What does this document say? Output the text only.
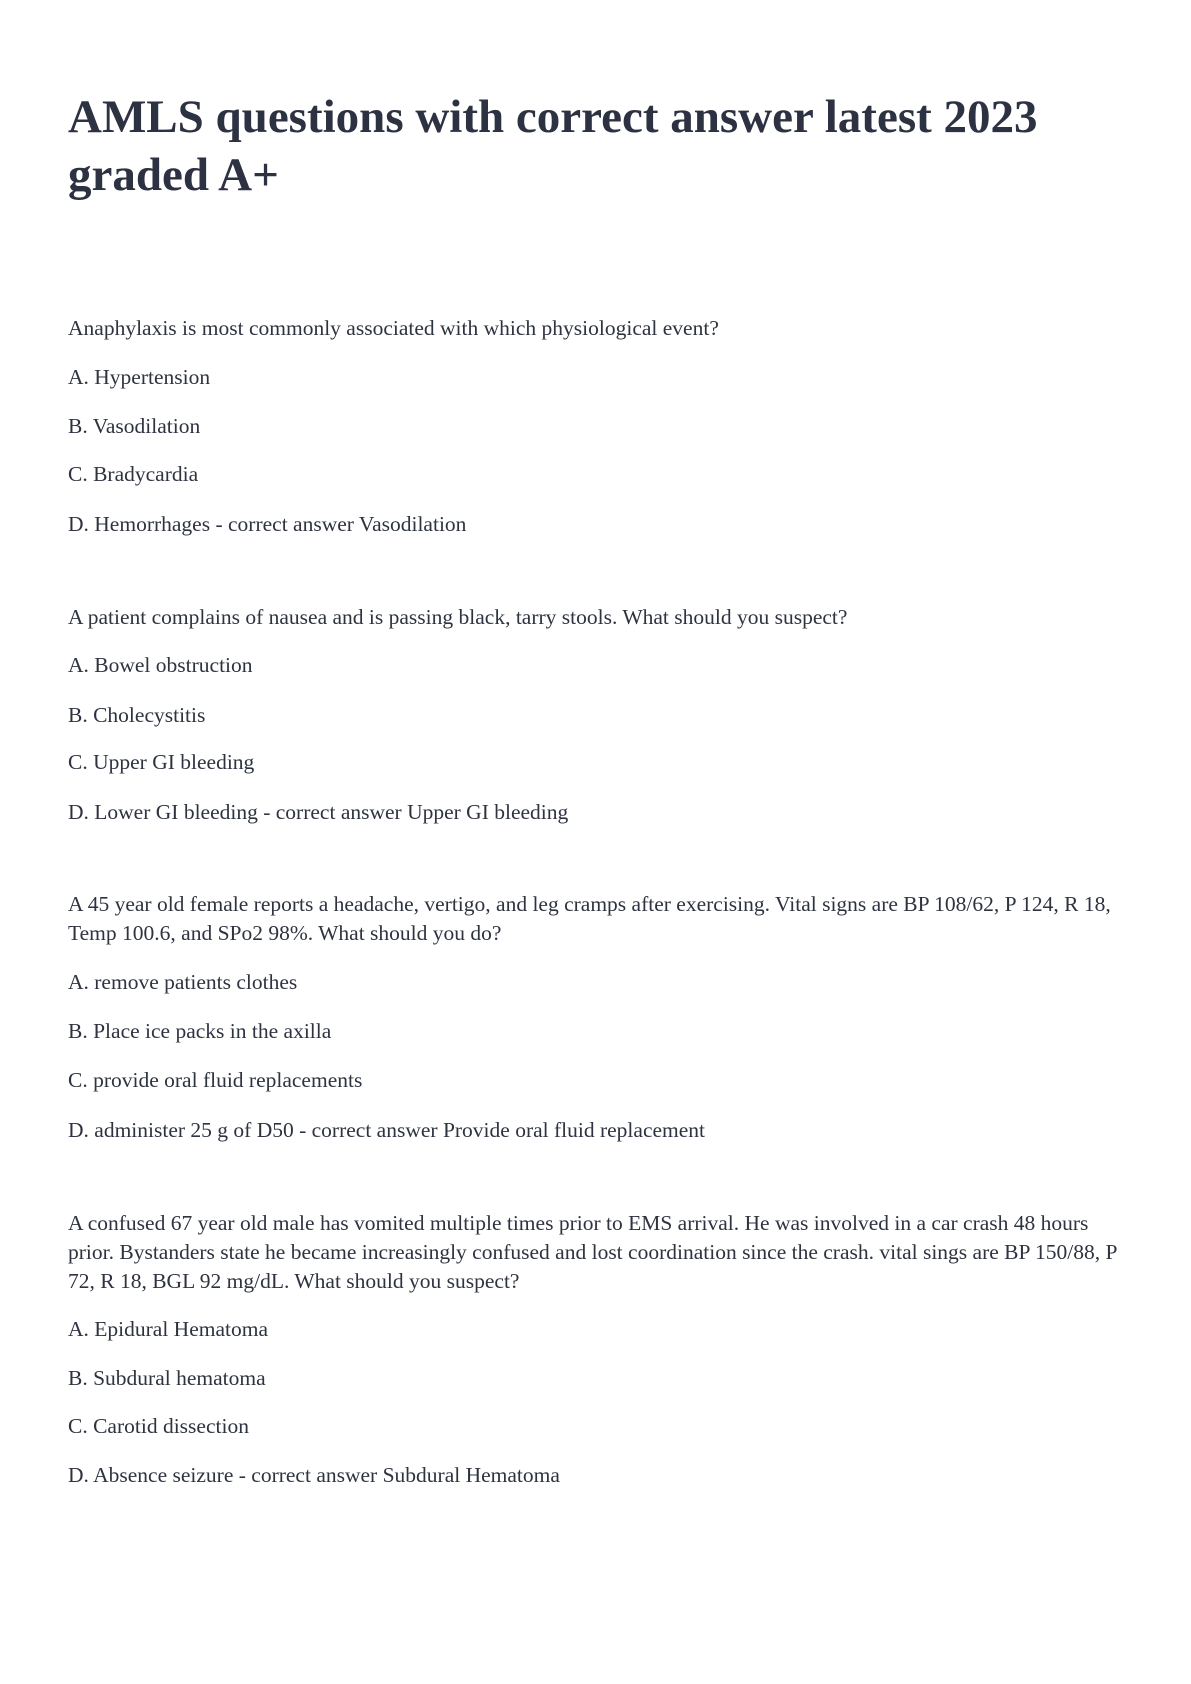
AMLS questions with correct answer latest 2023 graded A+
Anaphylaxis is most commonly associated with which physiological event?
A. Hypertension
B. Vasodilation
C. Bradycardia
D. Hemorrhages - correct answer Vasodilation
A patient complains of nausea and is passing black, tarry stools. What should you suspect?
A. Bowel obstruction
B. Cholecystitis
C. Upper GI bleeding
D. Lower GI bleeding - correct answer Upper GI bleeding
A 45 year old female reports a headache, vertigo, and leg cramps after exercising. Vital signs are BP 108/62, P 124, R 18, Temp 100.6, and SPo2 98%. What should you do?
A. remove patients clothes
B. Place ice packs in the axilla
C. provide oral fluid replacements
D. administer 25 g of D50 - correct answer Provide oral fluid replacement
A confused 67 year old male has vomited multiple times prior to EMS arrival. He was involved in a car crash 48 hours prior. Bystanders state he became increasingly confused and lost coordination since the crash. vital sings are BP 150/88, P 72, R 18, BGL 92 mg/dL. What should you suspect?
A. Epidural Hematoma
B. Subdural hematoma
C. Carotid dissection
D. Absence seizure - correct answer Subdural Hematoma
